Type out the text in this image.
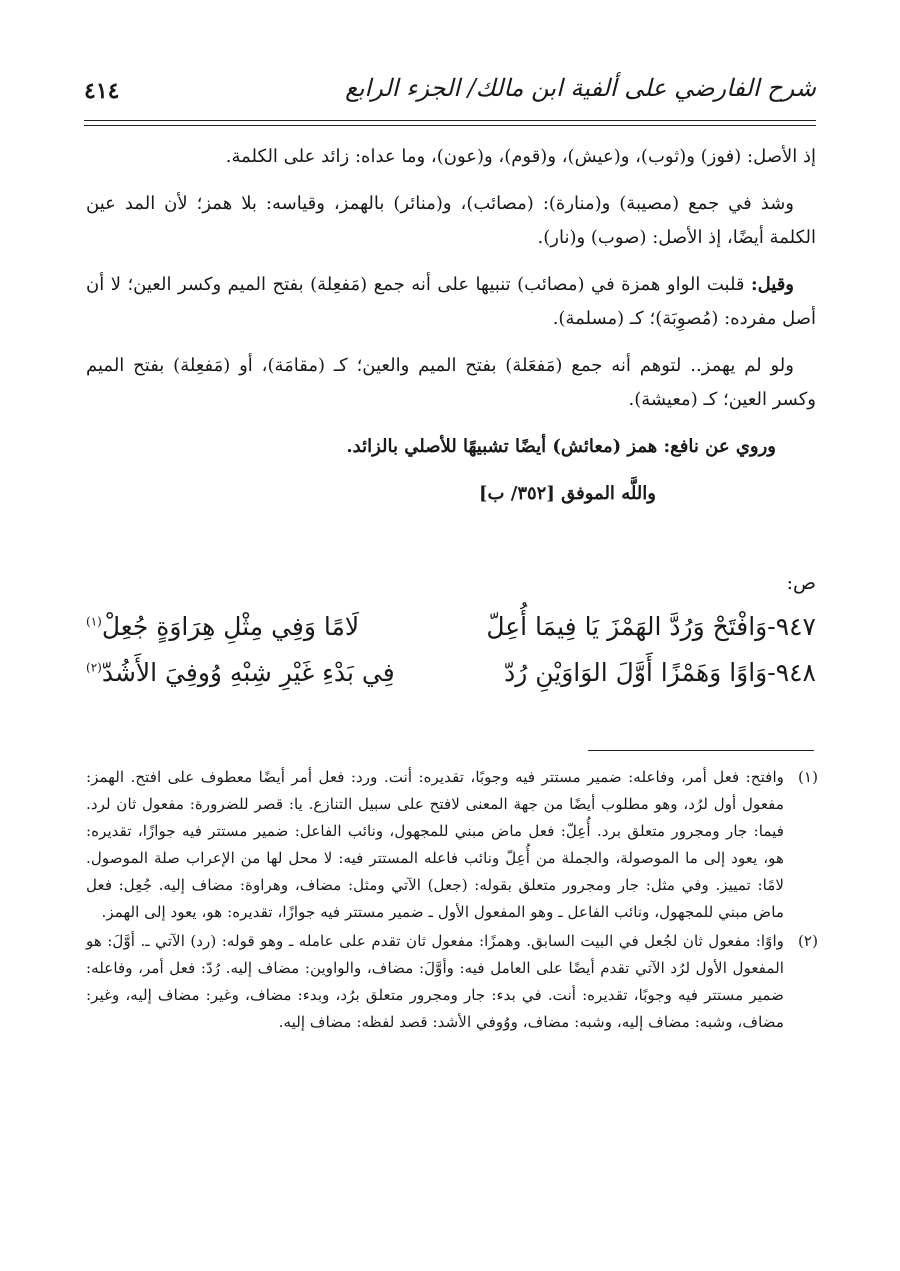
شرح الفارضي على ألفية ابن مالك/ الجزء الرابع
٤١٤

إذ الأصل: (فوز) و(ثوب)، و(عيش)، و(قوم)، و(عون)، وما عداه: زائد على الكلمة.

وشذ في جمع (مصيبة) و(منارة): (مصائب)، و(منائر) بالهمز، وقياسه: بلا همز؛ لأن المد عين الكلمة أيضًا، إذ الأصل: (صوب) و(نار).

وقيل: قلبت الواو همزة في (مصائب) تنبيها على أنه جمع (مَفعِلة) بفتح الميم وكسر العين؛ لا أن أصل مفرده: (مُصوِبَة)؛ كـ (مسلمة).

ولو لم يهمز.. لتوهم أنه جمع (مَفعَلة) بفتح الميم والعين؛ كـ (مقامَة)، أو (مَفعِلة) بفتح الميم وكسر العين؛ كـ (معيشة).

وروي عن نافع: همز (معائش) أيضًا تشبيهًا للأصلي بالزائد.

واللَّه الموفق [٣٥٢/ ب]

ص:
٩٤٧-وَافْتَحْ وَرُدَّ الهَمْزَ يَا فِيمَا أُعِلّ
لَامًا وَفِي مِثْلِ هِرَاوَةٍ جُعِلْ$^{(١)}$
٩٤٨-وَاوًا وَهَمْزًا أَوَّلَ الوَاوَيْنِ رُدّ
فِي بَدْءِ غَيْرِ شِبْهِ وُوفِيَ الأَشُدّ$^{(٢)}$
(١)
وافتح: فعل أمر، وفاعله: ضمير مستتر فيه وجوبًا، تقديره: أنت. ورد: فعل أمر أيضًا معطوف على افتح. الهمز: مفعول أول لرُد، وهو مطلوب أيضًا من جهة المعنى لافتح على سبيل التنازع. يا: قصر للضرورة: مفعول ثان لرد. فيما: جار ومجرور متعلق برد. أُعِلّ: فعل ماض مبني للمجهول، ونائب الفاعل: ضمير مستتر فيه جوازًا، تقديره: هو، يعود إلى ما الموصولة، والجملة من أُعِلّ ونائب فاعله المستتر فيه: لا محل لها من الإعراب صلة الموصول. لامًا: تمييز. وفي مثل: جار ومجرور متعلق بقوله: (جعل) الآتي ومثل: مضاف، وهراوة: مضاف إليه. جُعِل: فعل ماض مبني للمجهول، ونائب الفاعل ـ وهو المفعول الأول ـ ضمير مستتر فيه جوازًا، تقديره: هو، يعود إلى الهمز.
(٢)
واوًا: مفعول ثان لجُعل في البيت السابق. وهمزًا: مفعول ثان تقدم على عامله ـ وهو قوله: (رد) الآتي ـ. أوَّلَ: هو المفعول الأول لرُد الآتي تقدم أيضًا على العامل فيه: وأوَّلَ: مضاف، والواوين: مضاف إليه. رُدّ: فعل أمر، وفاعله: ضمير مستتر فيه وجوبًا، تقديره: أنت. في بدء: جار ومجرور متعلق برُد، وبدء: مضاف، وغير: مضاف إليه، وغير: مضاف، وشبه: مضاف إليه، وشبه: مضاف، ووُوفي الأشد: قصد لفظه: مضاف إليه.
